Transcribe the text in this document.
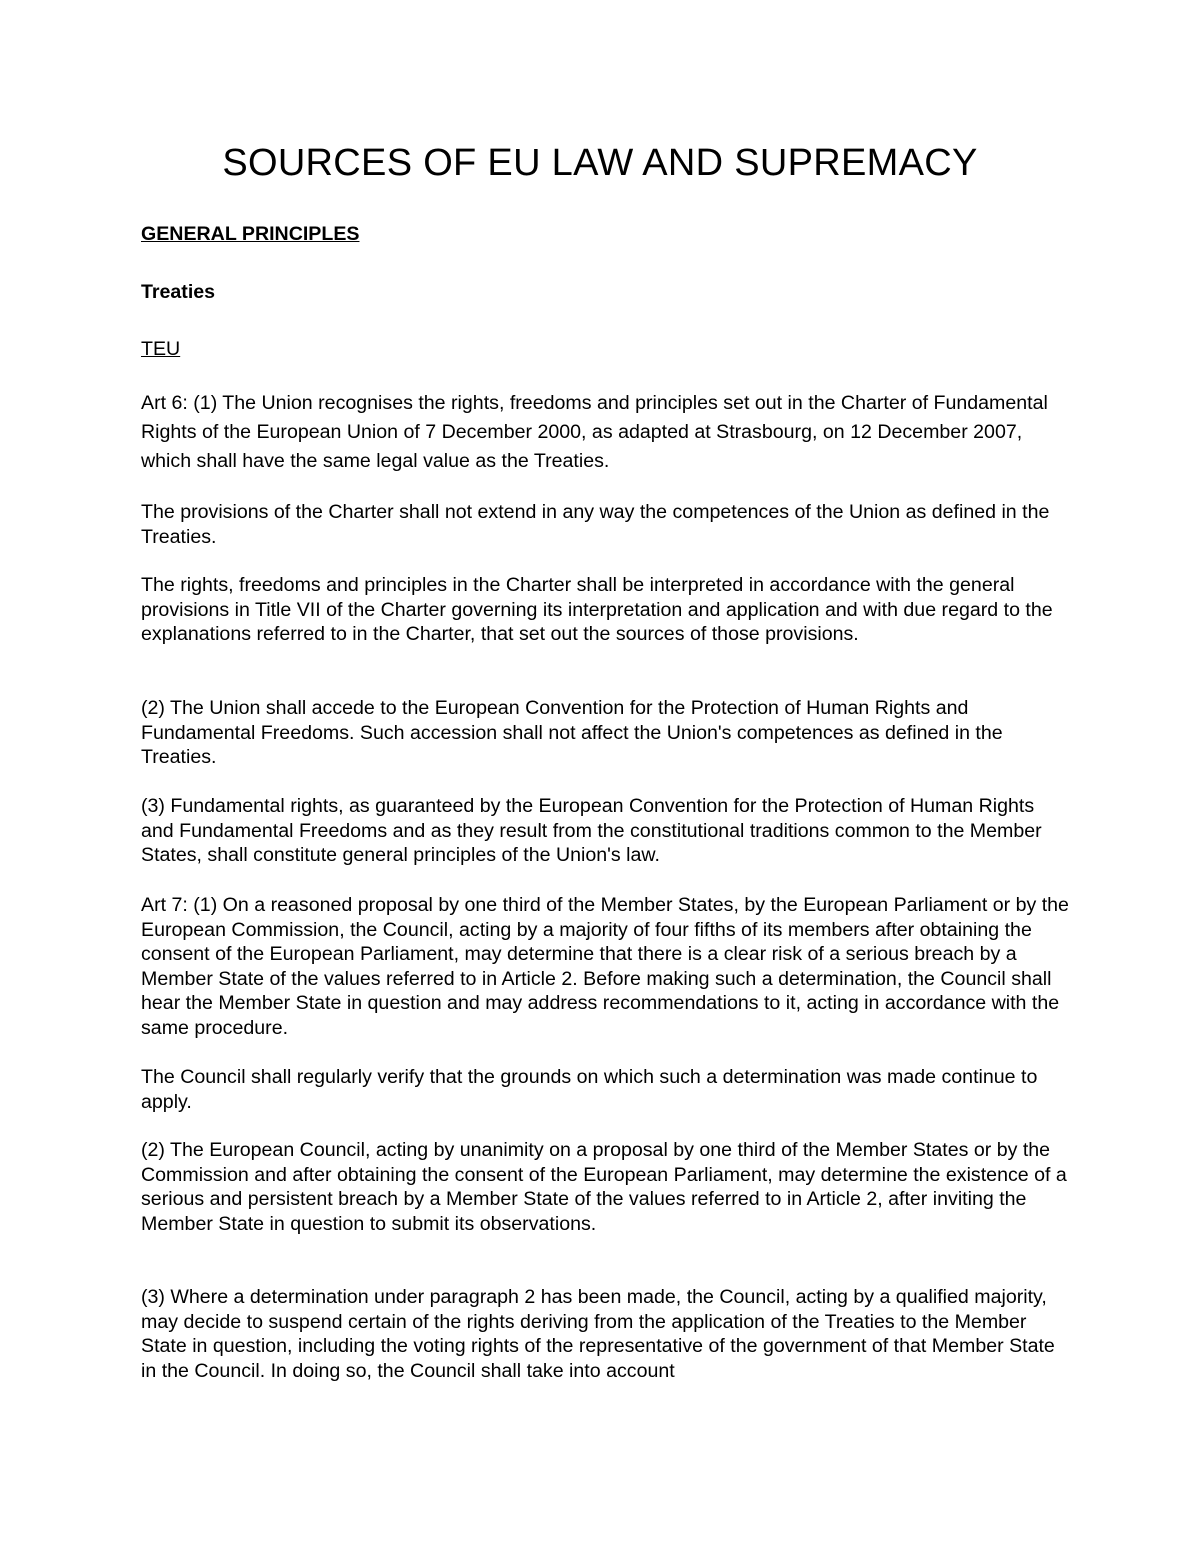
SOURCES OF EU LAW AND SUPREMACY

GENERAL PRINCIPLES

Treaties

TEU

Art 6: (1) The Union recognises the rights, freedoms and principles set out in the Charter of Fundamental Rights of the European Union of 7 December 2000, as adapted at Strasbourg, on 12 December 2007, which shall have the same legal value as the Treaties.

The provisions of the Charter shall not extend in any way the competences of the Union as defined in the Treaties.

The rights, freedoms and principles in the Charter shall be interpreted in accordance with the general provisions in Title VII of the Charter governing its interpretation and application and with due regard to the explanations referred to in the Charter, that set out the sources of those provisions.

(2) The Union shall accede to the European Convention for the Protection of Human Rights and Fundamental Freedoms. Such accession shall not affect the Union's competences as defined in the Treaties.

(3) Fundamental rights, as guaranteed by the European Convention for the Protection of Human Rights and Fundamental Freedoms and as they result from the constitutional traditions common to the Member States, shall constitute general principles of the Union's law.

Art 7: (1) On a reasoned proposal by one third of the Member States, by the European Parliament or by the European Commission, the Council, acting by a majority of four fifths of its members after obtaining the consent of the European Parliament, may determine that there is a clear risk of a serious breach by a Member State of the values referred to in Article 2. Before making such a determination, the Council shall hear the Member State in question and may address recommendations to it, acting in accordance with the same procedure.

The Council shall regularly verify that the grounds on which such a determination was made continue to apply.

(2) The European Council, acting by unanimity on a proposal by one third of the Member States or by the Commission and after obtaining the consent of the European Parliament, may determine the existence of a serious and persistent breach by a Member State of the values referred to in Article 2, after inviting the Member State in question to submit its observations.

(3) Where a determination under paragraph 2 has been made, the Council, acting by a qualified majority, may decide to suspend certain of the rights deriving from the application of the Treaties to the Member State in question, including the voting rights of the representative of the government of that Member State in the Council. In doing so, the Council shall take into account
